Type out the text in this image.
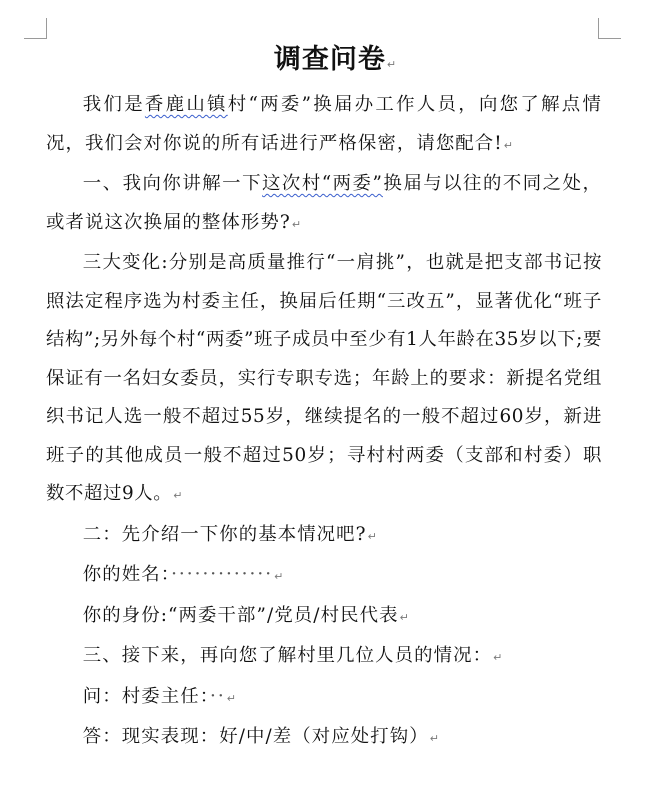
调查问卷↵

我们是香鹿山镇村“两委”换届办工作人员，向您了解点情况，我们会对你说的所有话进行严格保密，请您配合!↵

一、我向你讲解一下这次村“两委”换届与以往的不同之处，或者说这次换届的整体形势?↵

三大变化:分别是高质量推行“一肩挑”，也就是把支部书记按照法定程序选为村委主任，换届后任期“三改五”，显著优化“班子结构”;另外每个村“两委”班子成员中至少有1人年龄在35岁以下;要保证有一名妇女委员，实行专职专选；年龄上的要求：新提名党组织书记人选一般不超过55岁，继续提名的一般不超过60岁，新进班子的其他成员一般不超过50岁；寻村村两委（支部和村委）职数不超过9人。↵

二：先介绍一下你的基本情况吧?↵

你的姓名：·············↵

你的身份:“两委干部”/党员/村民代表↵

三、接下来，再向您了解村里几位人员的情况：↵

问：村委主任：··↵

答：现实表现：好/中/差（对应处打钩）↵
